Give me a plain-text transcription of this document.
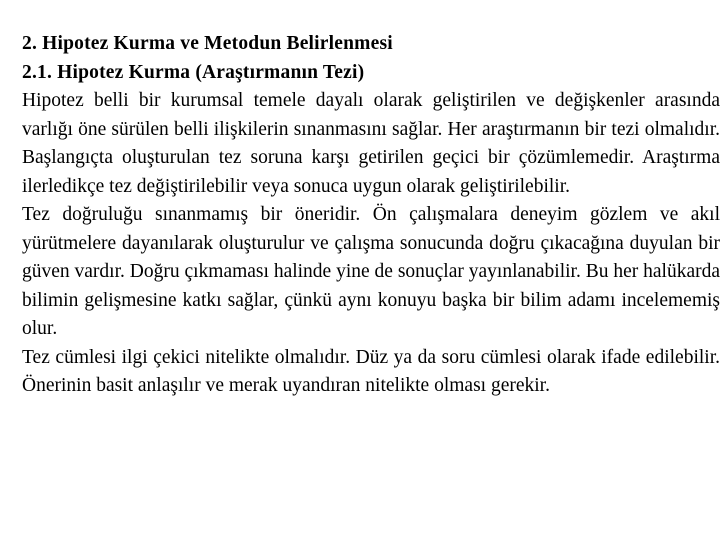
2. Hipotez Kurma ve Metodun Belirlenmesi
2.1. Hipotez Kurma (Araştırmanın Tezi)

Hipotez belli bir kurumsal temele dayalı olarak geliştirilen ve değişkenler arasında varlığı öne sürülen belli ilişkilerin sınanmasını sağlar. Her araştırmanın bir tezi olmalıdır. Başlangıçta oluşturulan tez soruna karşı getirilen geçici bir çözümlemedir. Araştırma ilerledikçe tez değiştirilebilir veya sonuca uygun olarak geliştirilebilir.

Tez doğruluğu sınanmamış bir öneridir. Ön çalışmalara deneyim gözlem ve akıl yürütmelere dayanılarak oluşturulur ve çalışma sonucunda doğru çıkacağına duyulan bir güven vardır. Doğru çıkmaması halinde yine de sonuçlar yayınlanabilir. Bu her halükarda bilimin gelişmesine katkı sağlar, çünkü aynı konuyu başka bir bilim adamı incelememiş olur.

Tez cümlesi ilgi çekici nitelikte olmalıdır. Düz ya da soru cümlesi olarak ifade edilebilir. Önerinin basit anlaşılır ve merak uyandıran nitelikte olması gerekir.
